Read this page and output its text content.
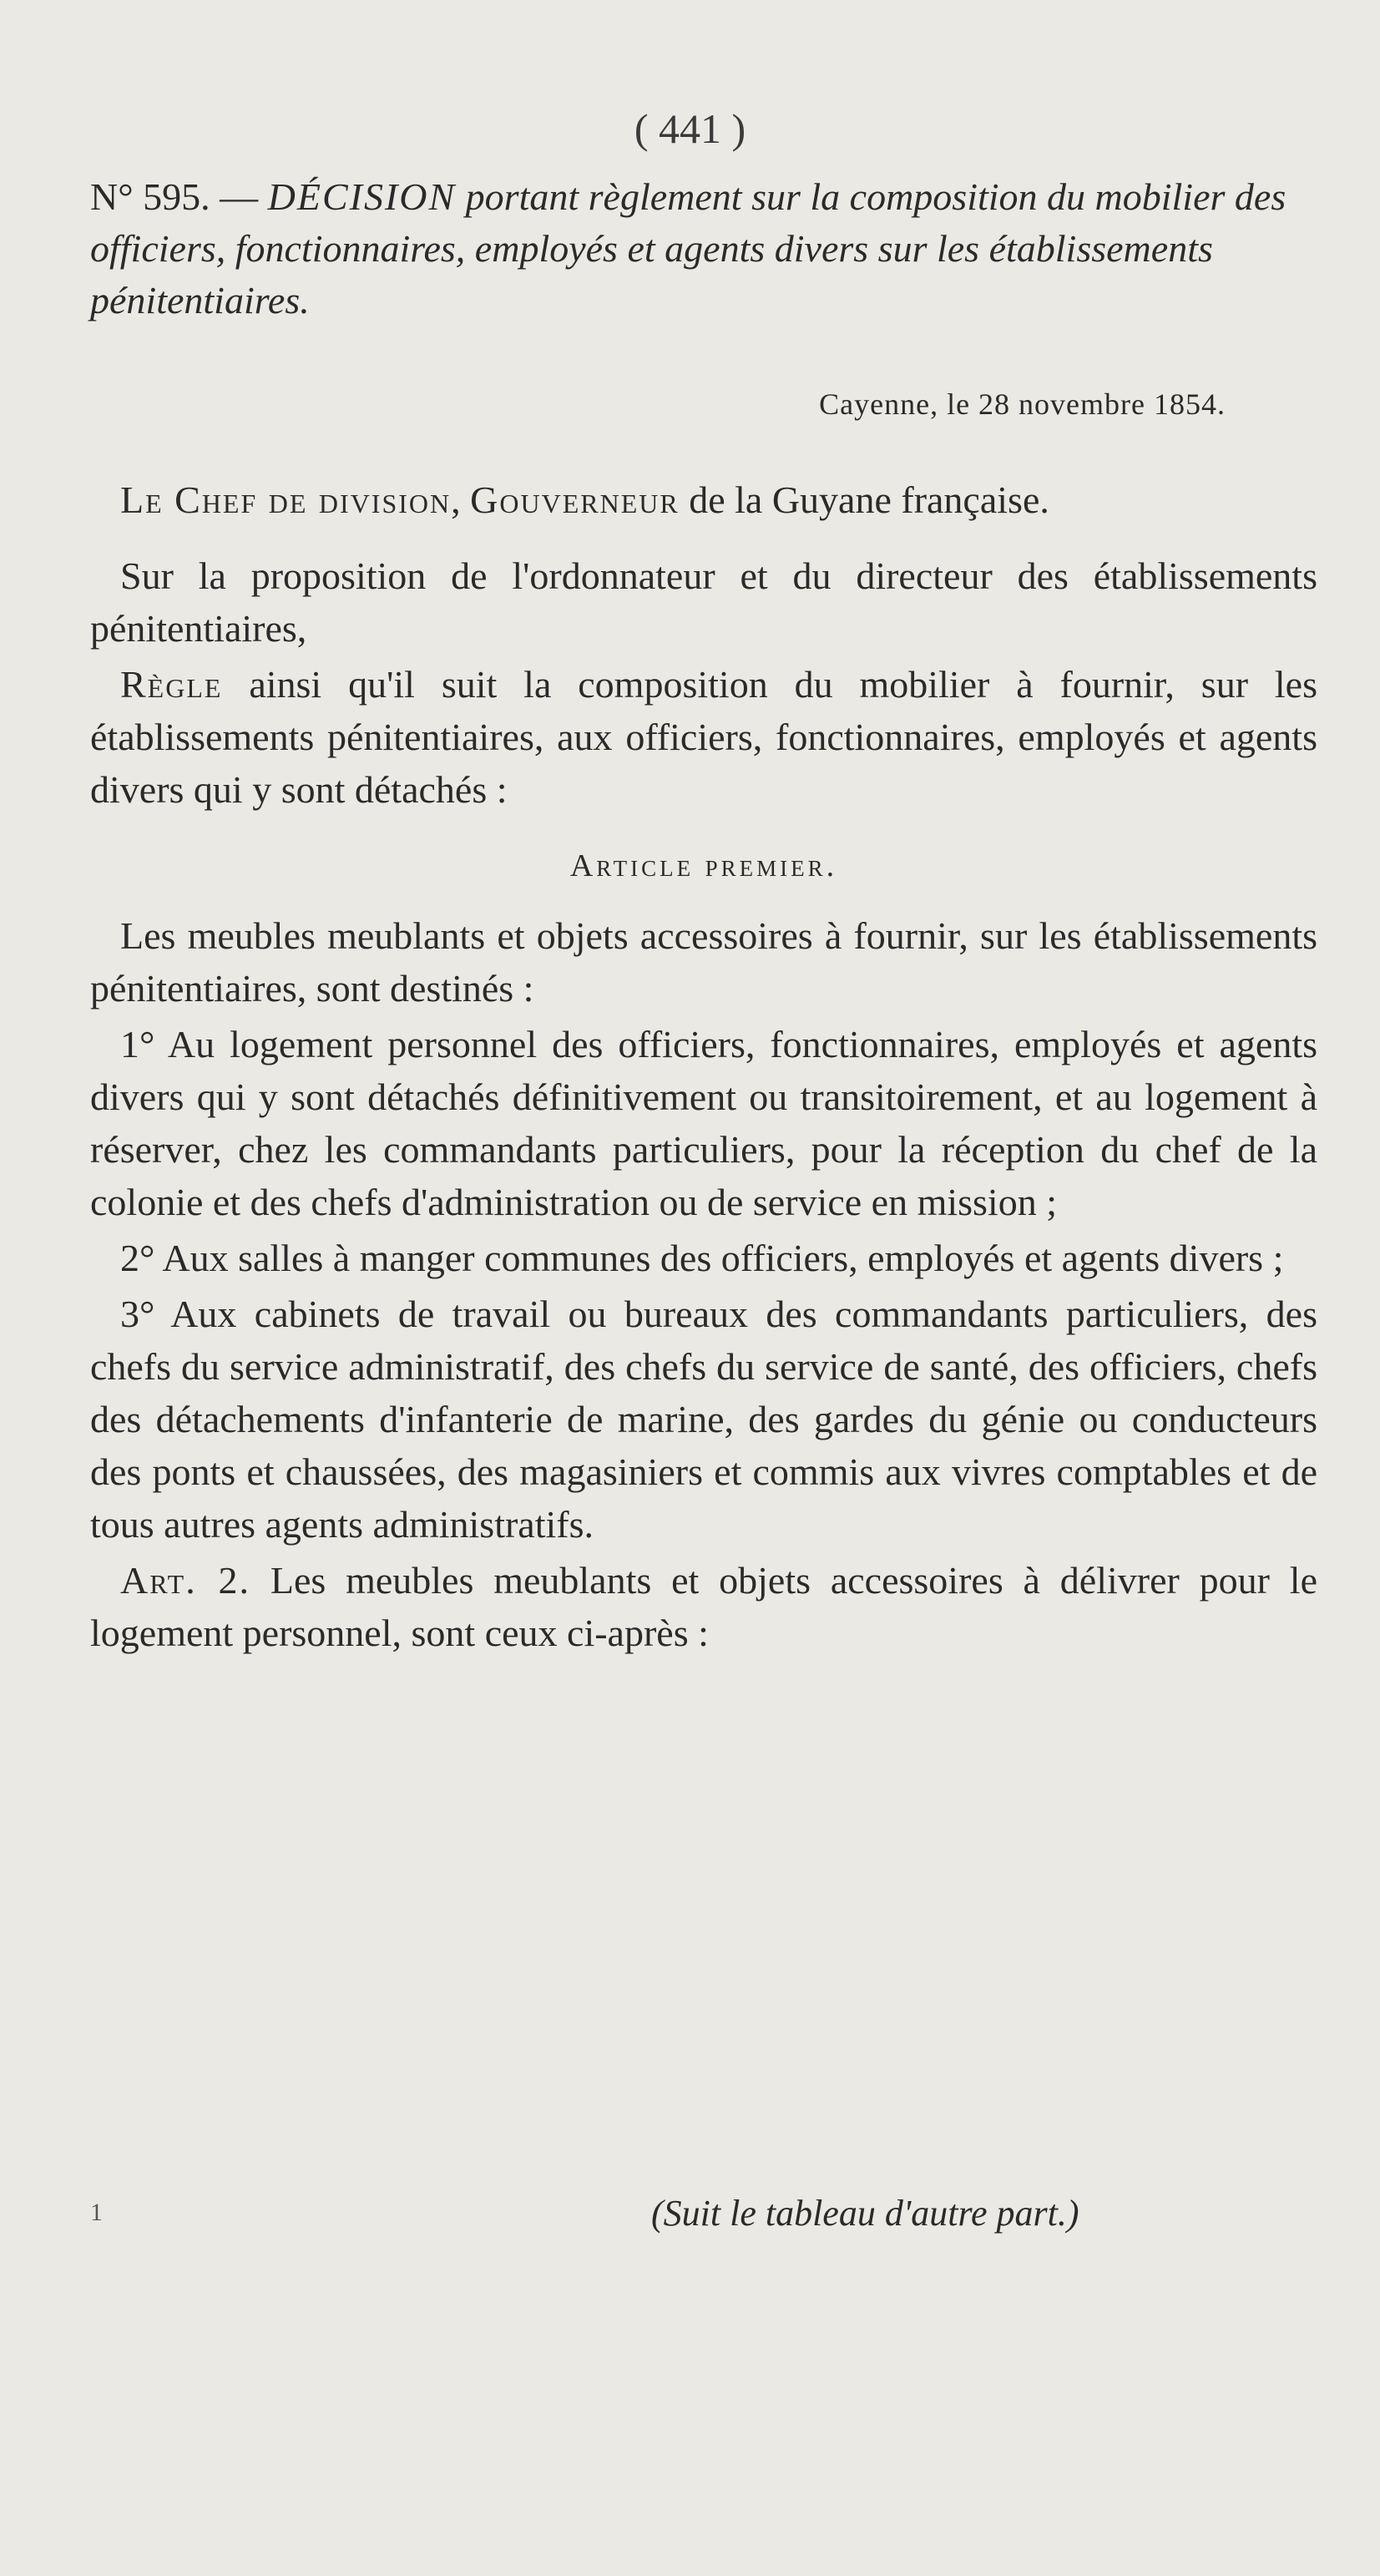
( 441 )

N° 595. — DÉCISION portant règlement sur la composition du mobilier des officiers, fonctionnaires, employés et agents divers sur les établissements pénitentiaires.

Cayenne, le 28 novembre 1854.

Le Chef de division, Gouverneur de la Guyane française.

Sur la proposition de l'ordonnateur et du directeur des établissements pénitentiaires,

Règle ainsi qu'il suit la composition du mobilier à fournir, sur les établissements pénitentiaires, aux officiers, fonctionnaires, employés et agents divers qui y sont détachés :

Article premier.

Les meubles meublants et objets accessoires à fournir, sur les établissements pénitentiaires, sont destinés :

1° Au logement personnel des officiers, fonctionnaires, employés et agents divers qui y sont détachés définitivement ou transitoirement, et au logement à réserver, chez les commandants particuliers, pour la réception du chef de la colonie et des chefs d'administration ou de service en mission ;

2° Aux salles à manger communes des officiers, employés et agents divers ;

3° Aux cabinets de travail ou bureaux des commandants particuliers, des chefs du service administratif, des chefs du service de santé, des officiers, chefs des détachements d'infanterie de marine, des gardes du génie ou conducteurs des ponts et chaussées, des magasiniers et commis aux vivres comptables et de tous autres agents administratifs.

Art. 2. Les meubles meublants et objets accessoires à délivrer pour le logement personnel, sont ceux ci-après :

1	(Suit le tableau d'autre part.)
